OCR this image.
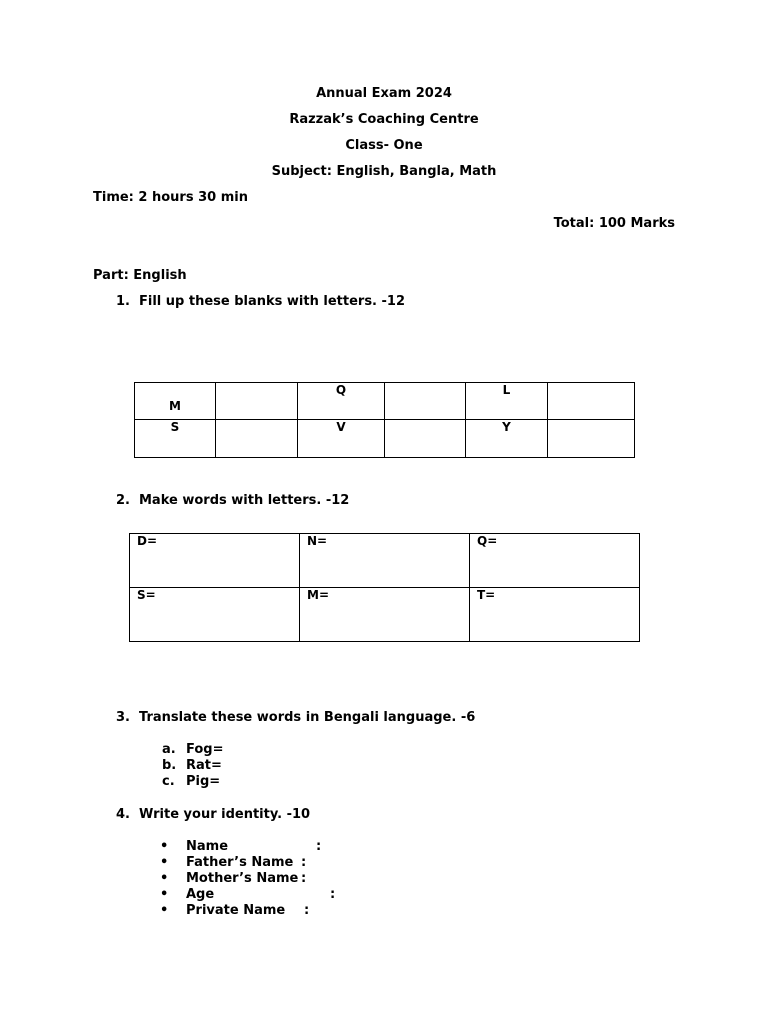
Annual Exam 2024
Razzak’s Coaching Centre
Class- One
Subject: English, Bangla, Math
Time: 2 hours 30 min
Total: 100 Marks
Part: English
1. Fill up these blanks with letters. -12
M		Q		L	
S		V		Y	
2. Make words with letters. -12
D=	N=	Q=
S=	M=	T=
3. Translate these words in Bengali language. -6
a. Fog=
b. Rat=
c. Pig=
4. Write your identity. -10
• Name	:
• Father’s Name :
• Mother’s Name :
• Age	:
• Private Name :
